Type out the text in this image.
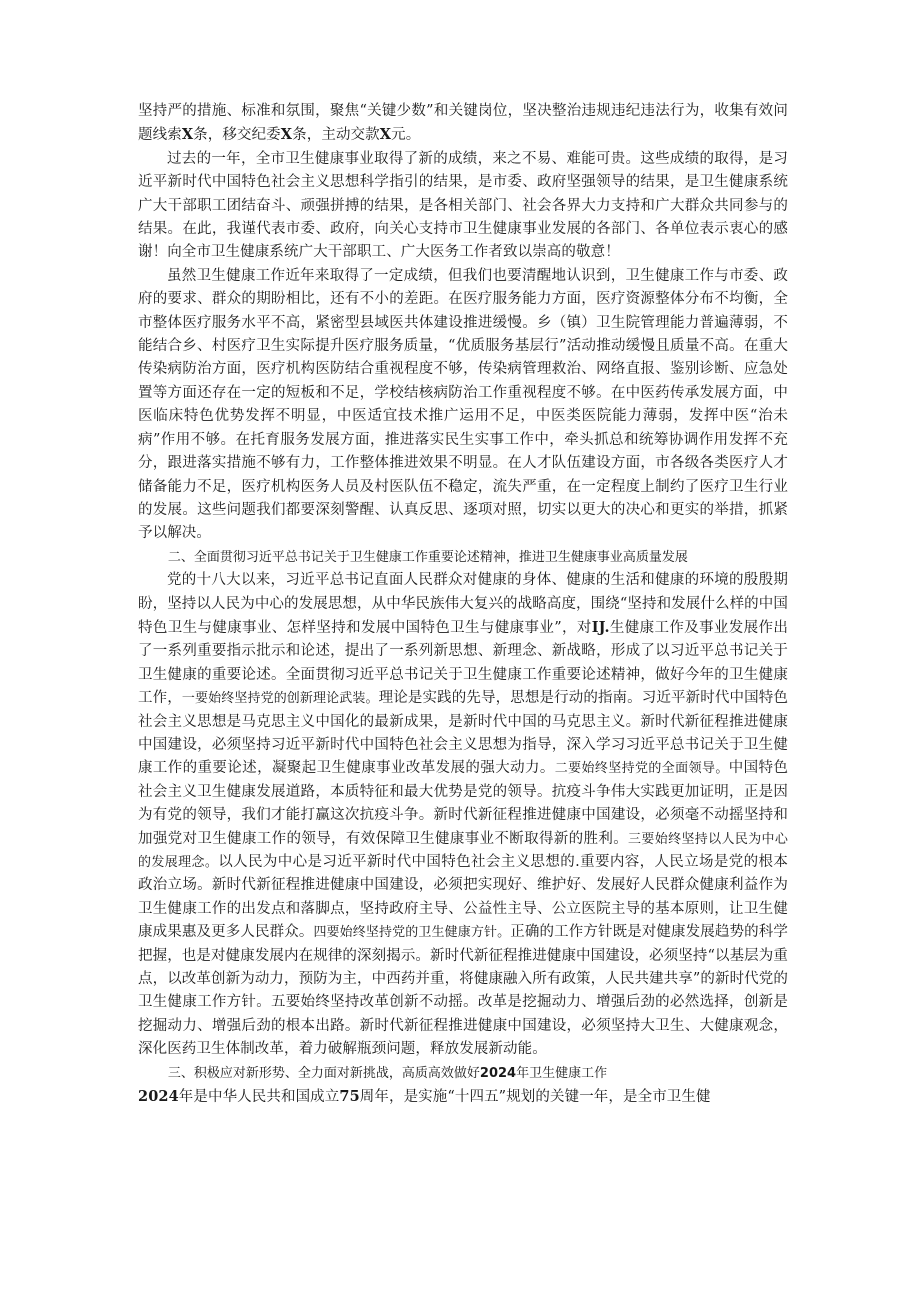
坚持严的措施、标准和氛围，聚焦“关键少数”和关键岗位，坚决整治违规违纪违法行为，收集有效问题线索X条，移交纪委X条，主动交款X元。

过去的一年，全市卫生健康事业取得了新的成绩，来之不易、难能可贵。这些成绩的取得，是习近平新时代中国特色社会主义思想科学指引的结果，是市委、政府坚强领导的结果，是卫生健康系统广大干部职工团结奋斗、顽强拼搏的结果，是各相关部门、社会各界大力支持和广大群众共同参与的结果。在此，我谨代表市委、政府，向关心支持市卫生健康事业发展的各部门、各单位表示衷心的感谢！向全市卫生健康系统广大干部职工、广大医务工作者致以崇高的敬意！

虽然卫生健康工作近年来取得了一定成绩，但我们也要清醒地认识到，卫生健康工作与市委、政府的要求、群众的期盼相比，还有不小的差距。在医疗服务能力方面，医疗资源整体分布不均衡，全市整体医疗服务水平不高，紧密型县域医共体建设推进缓慢。乡（镇）卫生院管理能力普遍薄弱，不能结合乡、村医疗卫生实际提升医疗服务质量，“优质服务基层行”活动推动缓慢且质量不高。在重大传染病防治方面，医疗机构医防结合重视程度不够，传染病管理救治、网络直报、鉴别诊断、应急处置等方面还存在一定的短板和不足，学校结核病防治工作重视程度不够。在中医药传承发展方面，中医临床特色优势发挥不明显，中医适宜技术推广运用不足，中医类医院能力薄弱，发挥中医“治未病”作用不够。在托育服务发展方面，推进落实民生实事工作中，牵头抓总和统筹协调作用发挥不充分，跟进落实措施不够有力，工作整体推进效果不明显。在人才队伍建设方面，市各级各类医疗人才储备能力不足，医疗机构医务人员及村医队伍不稳定，流失严重，在一定程度上制约了医疗卫生行业的发展。这些问题我们都要深刻警醒、认真反思、逐项对照，切实以更大的决心和更实的举措，抓紧予以解决。

二、全面贯彻习近平总书记关于卫生健康工作重要论述精神，推进卫生健康事业高质量发展

党的十八大以来，习近平总书记直面人民群众对健康的身体、健康的生活和健康的环境的殷殷期盼，坚持以人民为中心的发展思想，从中华民族伟大复兴的战略高度，围绕“坚持和发展什么样的中国特色卫生与健康事业、怎样坚持和发展中国特色卫生与健康事业”，对IJ.生健康工作及事业发展作出了一系列重要指示批示和论述，提出了一系列新思想、新理念、新战略，形成了以习近平总书记关于卫生健康的重要论述。全面贯彻习近平总书记关于卫生健康工作重要论述精神，做好今年的卫生健康工作，一要始终坚持党的创新理论武装。理论是实践的先导，思想是行动的指南。习近平新时代中国特色社会主义思想是马克思主义中国化的最新成果，是新时代中国的马克思主义。新时代新征程推进健康中国建设，必须坚持习近平新时代中国特色社会主义思想为指导，深入学习习近平总书记关于卫生健康工作的重要论述，凝聚起卫生健康事业改革发展的强大动力。二要始终坚持党的全面领导。中国特色社会主义卫生健康发展道路，本质特征和最大优势是党的领导。抗疫斗争伟大实践更加证明，正是因为有党的领导，我们才能打赢这次抗疫斗争。新时代新征程推进健康中国建设，必须毫不动摇坚持和加强党对卫生健康工作的领导，有效保障卫生健康事业不断取得新的胜利。三要始终坚持以人民为中心的发展理念。以人民为中心是习近平新时代中国特色社会主义思想的.重要内容，人民立场是党的根本政治立场。新时代新征程推进健康中国建设，必须把实现好、维护好、发展好人民群众健康利益作为卫生健康工作的出发点和落脚点，坚持政府主导、公益性主导、公立医院主导的基本原则，让卫生健康成果惠及更多人民群众。四要始终坚持党的卫生健康方针。正确的工作方针既是对健康发展趋势的科学把握，也是对健康发展内在规律的深刻揭示。新时代新征程推进健康中国建设，必须坚持“以基层为重点，以改革创新为动力，预防为主，中西药并重，将健康融入所有政策，人民共建共享”的新时代党的卫生健康工作方针。五要始终坚持改革创新不动摇。改革是挖掘动力、增强后劲的必然选择，创新是挖掘动力、增强后劲的根本出路。新时代新征程推进健康中国建设，必须坚持大卫生、大健康观念，深化医药卫生体制改革，着力破解瓶颈问题，释放发展新动能。

三、积极应对新形势、全力面对新挑战，高质高效做好2024年卫生健康工作

2024年是中华人民共和国成立75周年，是实施“十四五”规划的关键一年，是全市卫生健
